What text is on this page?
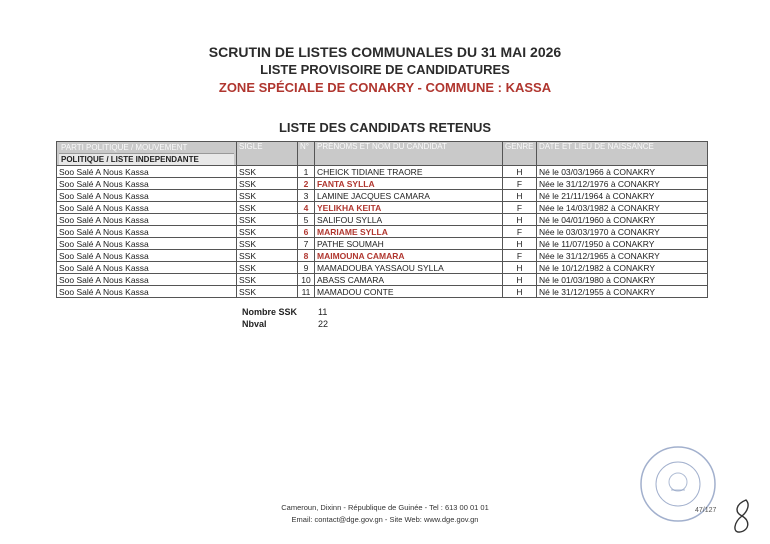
SCRUTIN DE LISTES COMMUNALES DU 31 MAI 2026
LISTE PROVISOIRE DE CANDIDATURES
ZONE SPÉCIALE DE CONAKRY - COMMUNE : KASSA
LISTE DES CANDIDATS RETENUS
PARTI POLITIQUE / MOUVEMENT
POLITIQUE / LISTE INDEPENDANTE	SIGLE	N°	PRÉNOMS ET NOM DU CANDIDAT	GENRE	DATE ET LIEU DE NAISSANCE
Soo Salé A Nous Kassa	SSK	1	CHEICK TIDIANE TRAORE	H	Né le 03/03/1966 à CONAKRY
Soo Salé A Nous Kassa	SSK	2	FANTA SYLLA	F	Née le 31/12/1976 à CONAKRY
Soo Salé A Nous Kassa	SSK	3	LAMINE JACQUES CAMARA	H	Né le 21/11/1964 à CONAKRY
Soo Salé A Nous Kassa	SSK	4	YELIKHA KEITA	F	Née le 14/03/1982 à CONAKRY
Soo Salé A Nous Kassa	SSK	5	SALIFOU SYLLA	H	Né le 04/01/1960 à CONAKRY
Soo Salé A Nous Kassa	SSK	6	MARIAME SYLLA	F	Née le 03/03/1970 à CONAKRY
Soo Salé A Nous Kassa	SSK	7	PATHE SOUMAH	H	Né le 11/07/1950 à CONAKRY
Soo Salé A Nous Kassa	SSK	8	MAIMOUNA CAMARA	F	Née le 31/12/1965 à CONAKRY
Soo Salé A Nous Kassa	SSK	9	MAMADOUBA YASSAOU SYLLA	H	Né le 10/12/1982 à CONAKRY
Soo Salé A Nous Kassa	SSK	10	ABASS CAMARA	H	Né le 01/03/1980 à CONAKRY
Soo Salé A Nous Kassa	SSK	11	MAMADOU CONTE	H	Né le 31/12/1955 à CONAKRY
Nombre SSK 11
Nbval	22
47/127
Cameroun, Dixinn - République de Guinée - Tel : 613 00 01 01
Email: contact@dge.gov.gn - Site Web: www.dge.gov.gn
